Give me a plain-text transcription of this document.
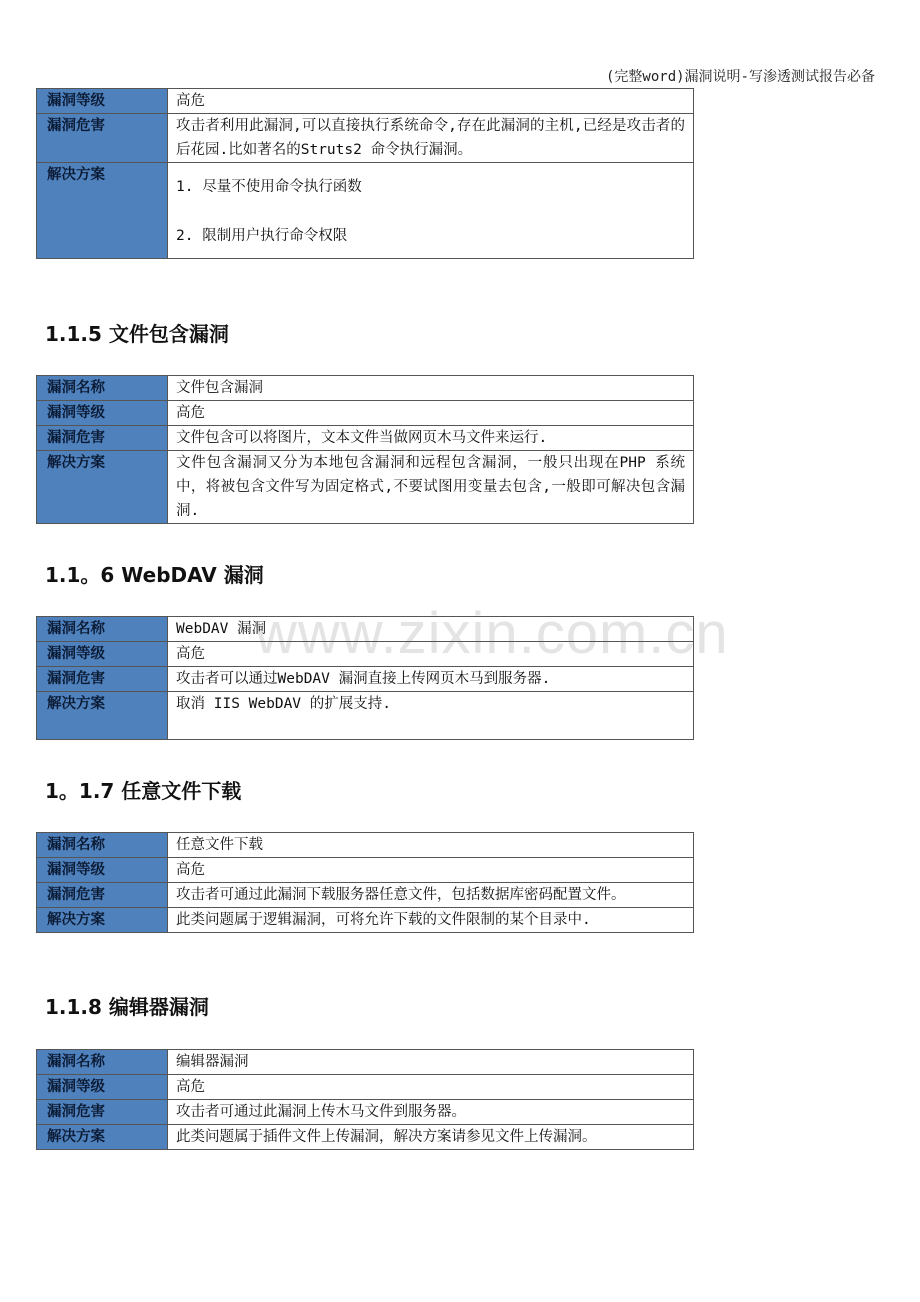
(完整word)漏洞说明-写渗透测试报告必备
www.zixin.com.cn
漏洞等级	高危
漏洞危害	攻击者利用此漏洞,可以直接执行系统命令,存在此漏洞的主机,已经是攻击者的后花园.比如著名的Struts2 命令执行漏洞。
解决方案	1. 尽量不使用命令执行函数
2. 限制用户执行命令权限
1.1.5 文件包含漏洞
漏洞名称	文件包含漏洞
漏洞等级	高危
漏洞危害	文件包含可以将图片，文本文件当做网页木马文件来运行.
解决方案	文件包含漏洞又分为本地包含漏洞和远程包含漏洞，一般只出现在PHP 系统中，将被包含文件写为固定格式,不要试图用变量去包含,一般即可解决包含漏洞.
1.1。6 WebDAV 漏洞
漏洞名称	WebDAV 漏洞
漏洞等级	高危
漏洞危害	攻击者可以通过WebDAV 漏洞直接上传网页木马到服务器.
解决方案	取消 IIS WebDAV 的扩展支持.
1。1.7 任意文件下载
漏洞名称	任意文件下载
漏洞等级	高危
漏洞危害	攻击者可通过此漏洞下载服务器任意文件，包括数据库密码配置文件。
解决方案	此类问题属于逻辑漏洞，可将允许下载的文件限制的某个目录中.
1.1.8 编辑器漏洞
漏洞名称	编辑器漏洞
漏洞等级	高危
漏洞危害	攻击者可通过此漏洞上传木马文件到服务器。
解决方案	此类问题属于插件文件上传漏洞，解决方案请参见文件上传漏洞。
